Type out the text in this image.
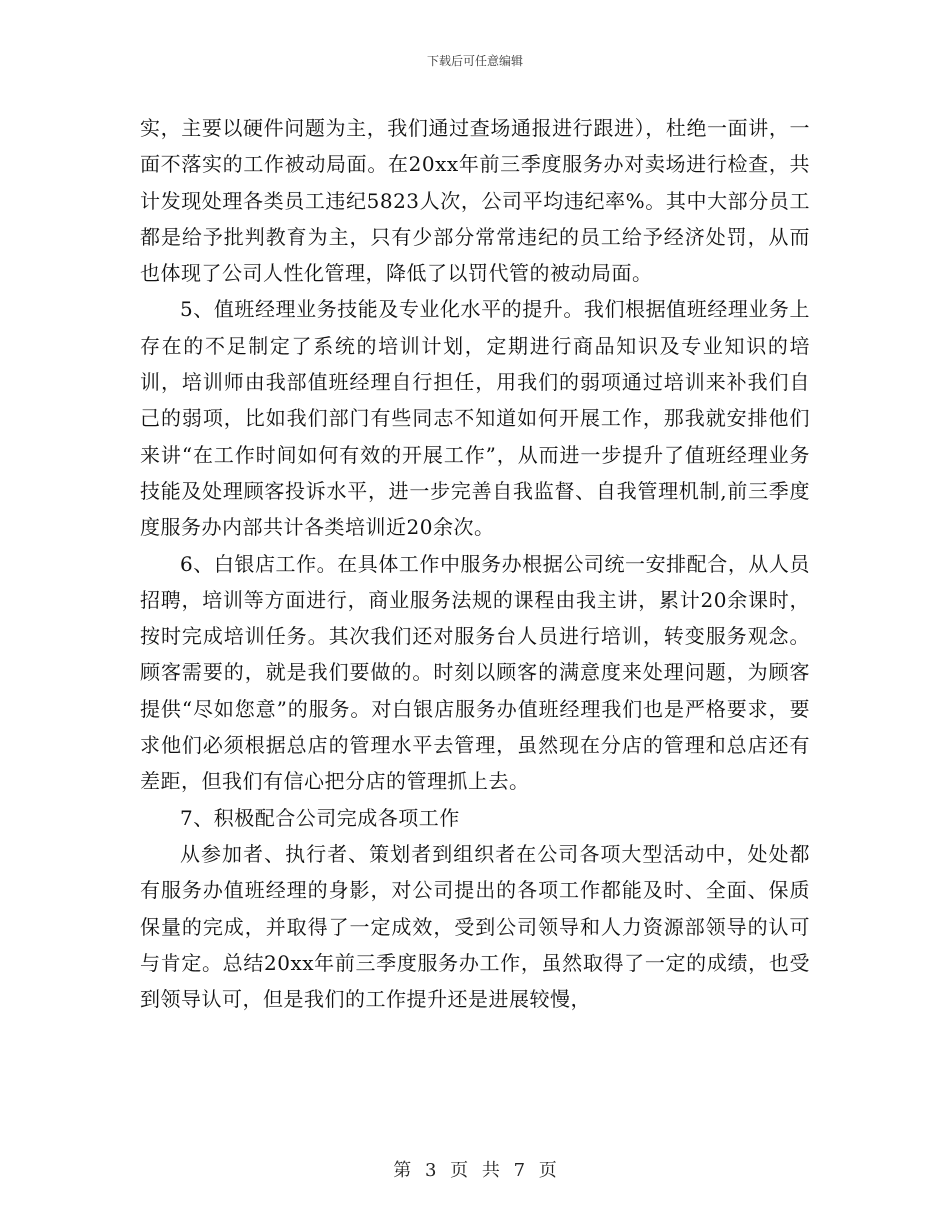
下载后可任意编辑

实，主要以硬件问题为主，我们通过查场通报进行跟进），杜绝一面讲，一面不落实的工作被动局面。在20xx年前三季度服务办对卖场进行检查，共计发现处理各类员工违纪5823人次，公司平均违纪率%。其中大部分员工都是给予批判教育为主，只有少部分常常违纪的员工给予经济处罚，从而也体现了公司人性化管理，降低了以罚代管的被动局面。

5、值班经理业务技能及专业化水平的提升。我们根据值班经理业务上存在的不足制定了系统的培训计划，定期进行商品知识及专业知识的培训，培训师由我部值班经理自行担任，用我们的弱项通过培训来补我们自己的弱项，比如我们部门有些同志不知道如何开展工作，那我就安排他们来讲“在工作时间如何有效的开展工作”，从而进一步提升了值班经理业务技能及处理顾客投诉水平，进一步完善自我监督、自我管理机制,前三季度度服务办内部共计各类培训近20余次。

6、白银店工作。在具体工作中服务办根据公司统一安排配合，从人员招聘，培训等方面进行，商业服务法规的课程由我主讲，累计20余课时，按时完成培训任务。其次我们还对服务台人员进行培训，转变服务观念。顾客需要的，就是我们要做的。时刻以顾客的满意度来处理问题，为顾客提供“尽如您意”的服务。对白银店服务办值班经理我们也是严格要求，要求他们必须根据总店的管理水平去管理，虽然现在分店的管理和总店还有差距，但我们有信心把分店的管理抓上去。

7、积极配合公司完成各项工作

从参加者、执行者、策划者到组织者在公司各项大型活动中，处处都有服务办值班经理的身影，对公司提出的各项工作都能及时、全面、保质保量的完成，并取得了一定成效，受到公司领导和人力资源部领导的认可与肯定。总结20xx年前三季度服务办工作，虽然取得了一定的成绩，也受到领导认可，但是我们的工作提升还是进展较慢，

第 3 页 共 7 页
